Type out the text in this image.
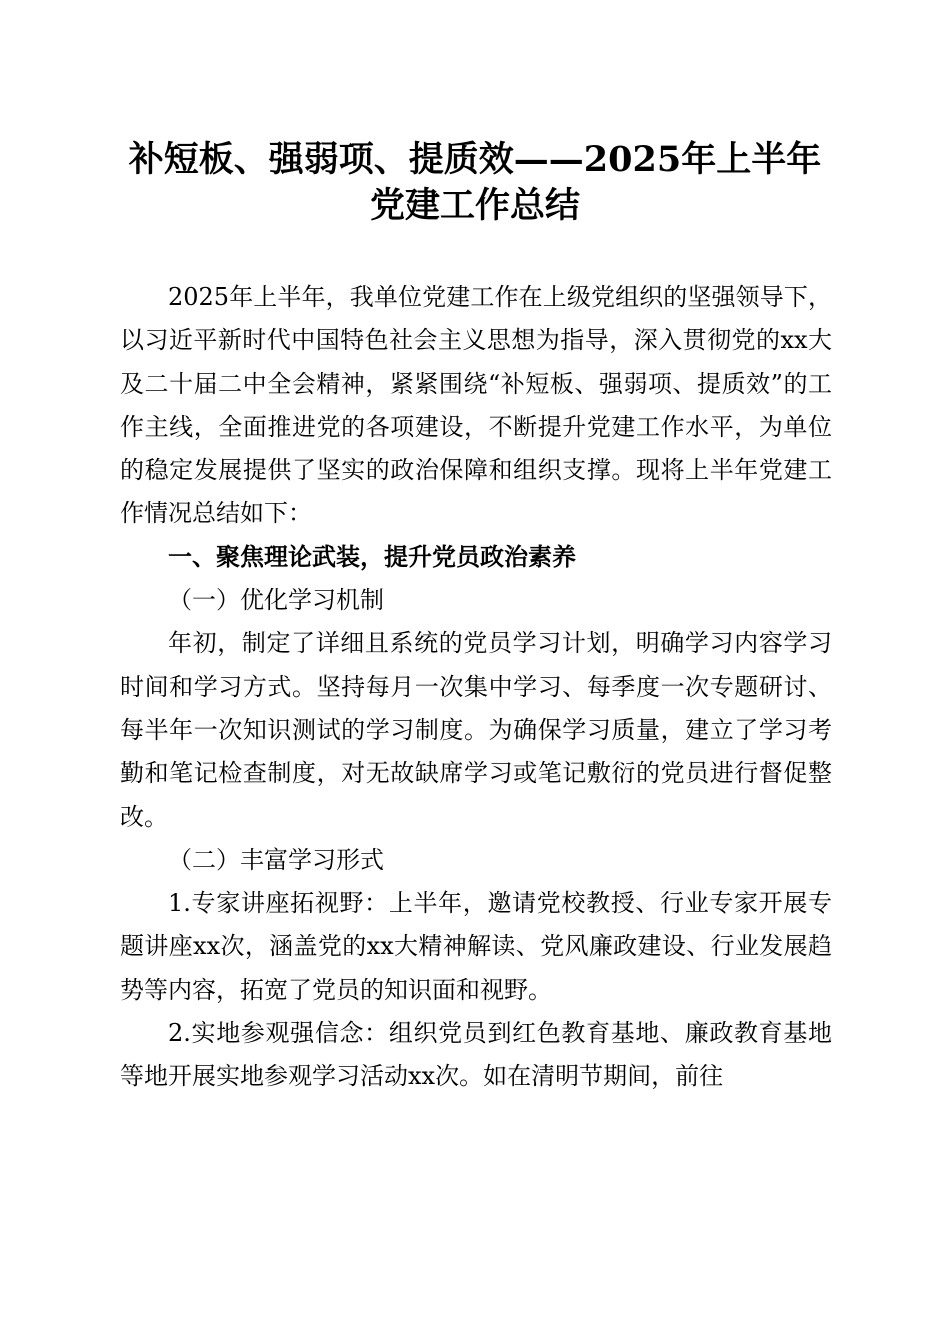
补短板、强弱项、提质效——2025年上半年
党建工作总结

2025年上半年，我单位党建工作在上级党组织的坚强领导下，以习近平新时代中国特色社会主义思想为指导，深入贯彻党的xx大及二十届二中全会精神，紧紧围绕“补短板、强弱项、提质效”的工作主线，全面推进党的各项建设，不断提升党建工作水平，为单位的稳定发展提供了坚实的政治保障和组织支撑。现将上半年党建工作情况总结如下：

一、聚焦理论武装，提升党员政治素养

（一）优化学习机制

年初，制定了详细且系统的党员学习计划，明确学习内容学习时间和学习方式。坚持每月一次集中学习、每季度一次专题研讨、每半年一次知识测试的学习制度。为确保学习质量，建立了学习考勤和笔记检查制度，对无故缺席学习或笔记敷衍的党员进行督促整改。

（二）丰富学习形式

1.专家讲座拓视野：上半年，邀请党校教授、行业专家开展专题讲座xx次，涵盖党的xx大精神解读、党风廉政建设、行业发展趋势等内容，拓宽了党员的知识面和视野。

2.实地参观强信念：组织党员到红色教育基地、廉政教育基地等地开展实地参观学习活动xx次。如在清明节期间，前往
